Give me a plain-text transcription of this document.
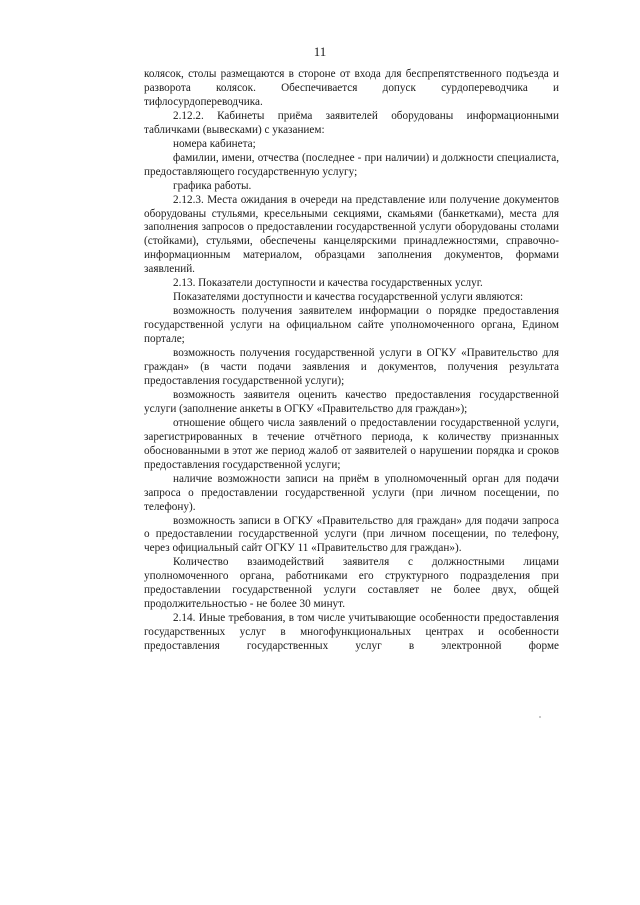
11

колясок, столы размещаются в стороне от входа для беспрепятственного подъезда и разворота колясок. Обеспечивается допуск сурдопереводчика и тифлосурдопереводчика.

2.12.2. Кабинеты приёма заявителей оборудованы информационными табличками (вывесками) с указанием:

номера кабинета;

фамилии, имени, отчества (последнее - при наличии) и должности специалиста, предоставляющего государственную услугу;

графика работы.

2.12.3. Места ожидания в очереди на представление или получение документов оборудованы стульями, кресельными секциями, скамьями (банкетками), места для заполнения запросов о предоставлении государственной услуги оборудованы столами (стойками), стульями, обеспечены канцелярскими принадлежностями, справочно-информационным материалом, образцами заполнения документов, формами заявлений.

2.13. Показатели доступности и качества государственных услуг.

Показателями доступности и качества государственной услуги являются:

возможность получения заявителем информации о порядке предоставления государственной услуги на официальном сайте уполномоченного органа, Едином портале;

возможность получения государственной услуги в ОГКУ «Правительство для граждан» (в части подачи заявления и документов, получения результата предоставления государственной услуги);

возможность заявителя оценить качество предоставления государственной услуги (заполнение анкеты в ОГКУ «Правительство для граждан»);

отношение общего числа заявлений о предоставлении государственной услуги, зарегистрированных в течение отчётного периода, к количеству признанных обоснованными в этот же период жалоб от заявителей о нарушении порядка и сроков предоставления государственной услуги;

наличие возможности записи на приём в уполномоченный орган для подачи запроса о предоставлении государственной услуги (при личном посещении, по телефону).

возможность записи в ОГКУ «Правительство для граждан» для подачи запроса о предоставлении государственной услуги (при личном посещении, по телефону, через официальный сайт ОГКУ 11 «Правительство для граждан»).

Количество взаимодействий заявителя с должностными лицами уполномоченного органа, работниками его структурного подразделения при предоставлении государственной услуги составляет не более двух, общей продолжительностью - не более 30 минут.

2.14. Иные требования, в том числе учитывающие особенности предоставления государственных услуг в многофункциональных центрах и особенности предоставления государственных услуг в электронной форме
